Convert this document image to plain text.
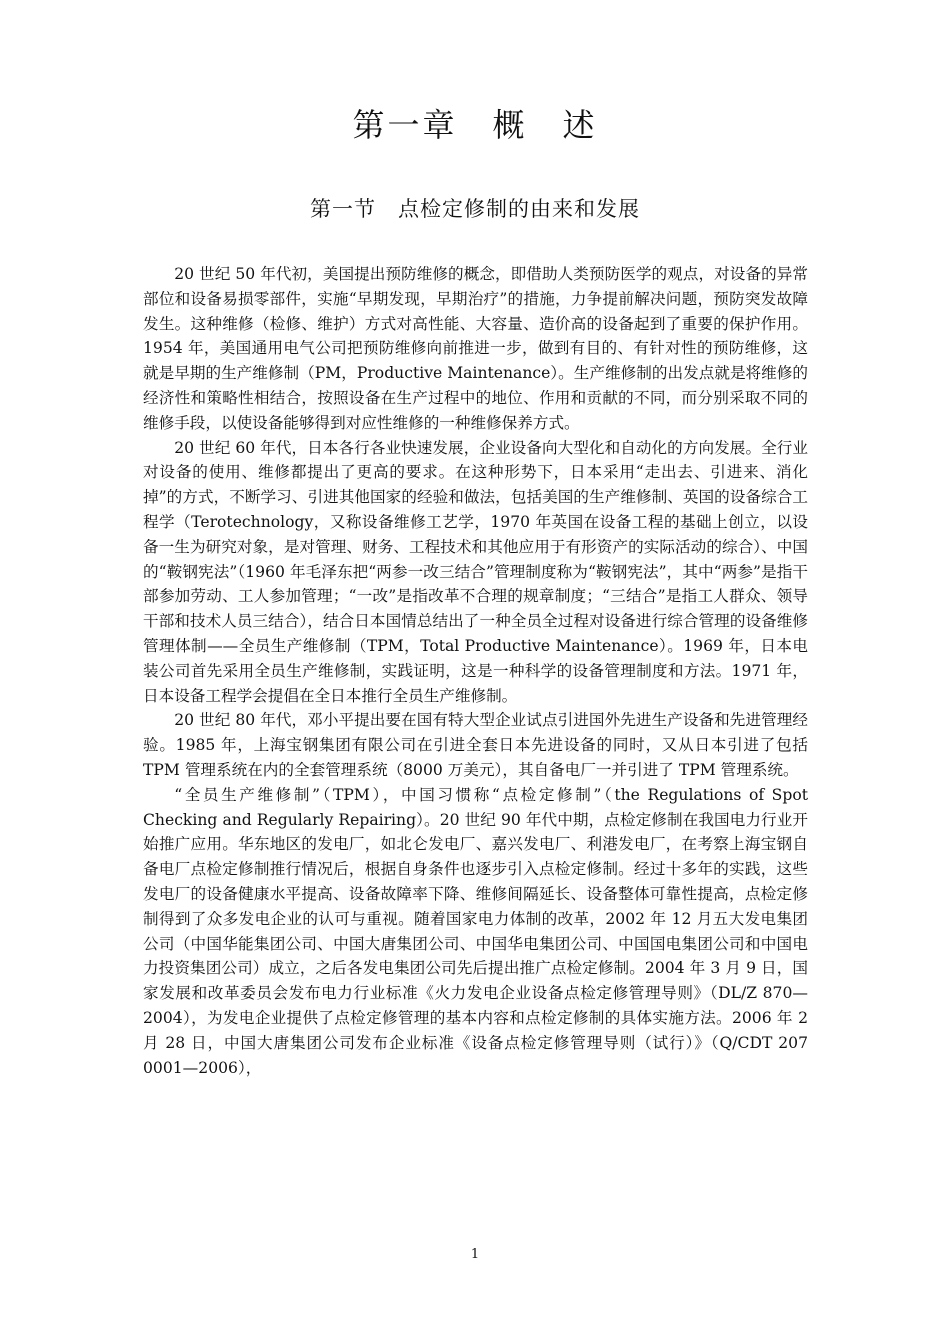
第一章　概　述
第一节　点检定修制的由来和发展

20 世纪 50 年代初，美国提出预防维修的概念，即借助人类预防医学的观点，对设备的异常部位和设备易损零部件，实施“早期发现，早期治疗”的措施，力争提前解决问题，预防突发故障发生。这种维修（检修、维护）方式对高性能、大容量、造价高的设备起到了重要的保护作用。1954 年，美国通用电气公司把预防维修向前推进一步，做到有目的、有针对性的预防维修，这就是早期的生产维修制（PM，Productive Maintenance）。生产维修制的出发点就是将维修的经济性和策略性相结合，按照设备在生产过程中的地位、作用和贡献的不同，而分别采取不同的维修手段，以使设备能够得到对应性维修的一种维修保养方式。

20 世纪 60 年代，日本各行各业快速发展，企业设备向大型化和自动化的方向发展。全行业对设备的使用、维修都提出了更高的要求。在这种形势下，日本采用“走出去、引进来、消化掉”的方式，不断学习、引进其他国家的经验和做法，包括美国的生产维修制、英国的设备综合工程学（Terotechnology，又称设备维修工艺学，1970 年英国在设备工程的基础上创立，以设备一生为研究对象，是对管理、财务、工程技术和其他应用于有形资产的实际活动的综合）、中国的“鞍钢宪法”（1960 年毛泽东把“两参一改三结合”管理制度称为“鞍钢宪法”，其中“两参”是指干部参加劳动、工人参加管理；“一改”是指改革不合理的规章制度；“三结合”是指工人群众、领导干部和技术人员三结合），结合日本国情总结出了一种全员全过程对设备进行综合管理的设备维修管理体制——全员生产维修制（TPM，Total Productive Maintenance）。1969 年，日本电装公司首先采用全员生产维修制，实践证明，这是一种科学的设备管理制度和方法。1971 年，日本设备工程学会提倡在全日本推行全员生产维修制。

20 世纪 80 年代，邓小平提出要在国有特大型企业试点引进国外先进生产设备和先进管理经验。1985 年，上海宝钢集团有限公司在引进全套日本先进设备的同时，又从日本引进了包括 TPM 管理系统在内的全套管理系统（8000 万美元），其自备电厂一并引进了 TPM 管理系统。

“全员生产维修制”（TPM），中国习惯称“点检定修制”（the Regulations of Spot Checking and Regularly Repairing）。20 世纪 90 年代中期，点检定修制在我国电力行业开始推广应用。华东地区的发电厂，如北仑发电厂、嘉兴发电厂、利港发电厂，在考察上海宝钢自备电厂点检定修制推行情况后，根据自身条件也逐步引入点检定修制。经过十多年的实践，这些发电厂的设备健康水平提高、设备故障率下降、维修间隔延长、设备整体可靠性提高，点检定修制得到了众多发电企业的认可与重视。随着国家电力体制的改革，2002 年 12 月五大发电集团公司（中国华能集团公司、中国大唐集团公司、中国华电集团公司、中国国电集团公司和中国电力投资集团公司）成立，之后各发电集团公司先后提出推广点检定修制。2004 年 3 月 9 日，国家发展和改革委员会发布电力行业标准《火力发电企业设备点检定修管理导则》（DL/Z 870—2004），为发电企业提供了点检定修管理的基本内容和点检定修制的具体实施方法。2006 年 2 月 28 日，中国大唐集团公司发布企业标准《设备点检定修管理导则（试行）》（Q/CDT 207 0001—2006），

1
